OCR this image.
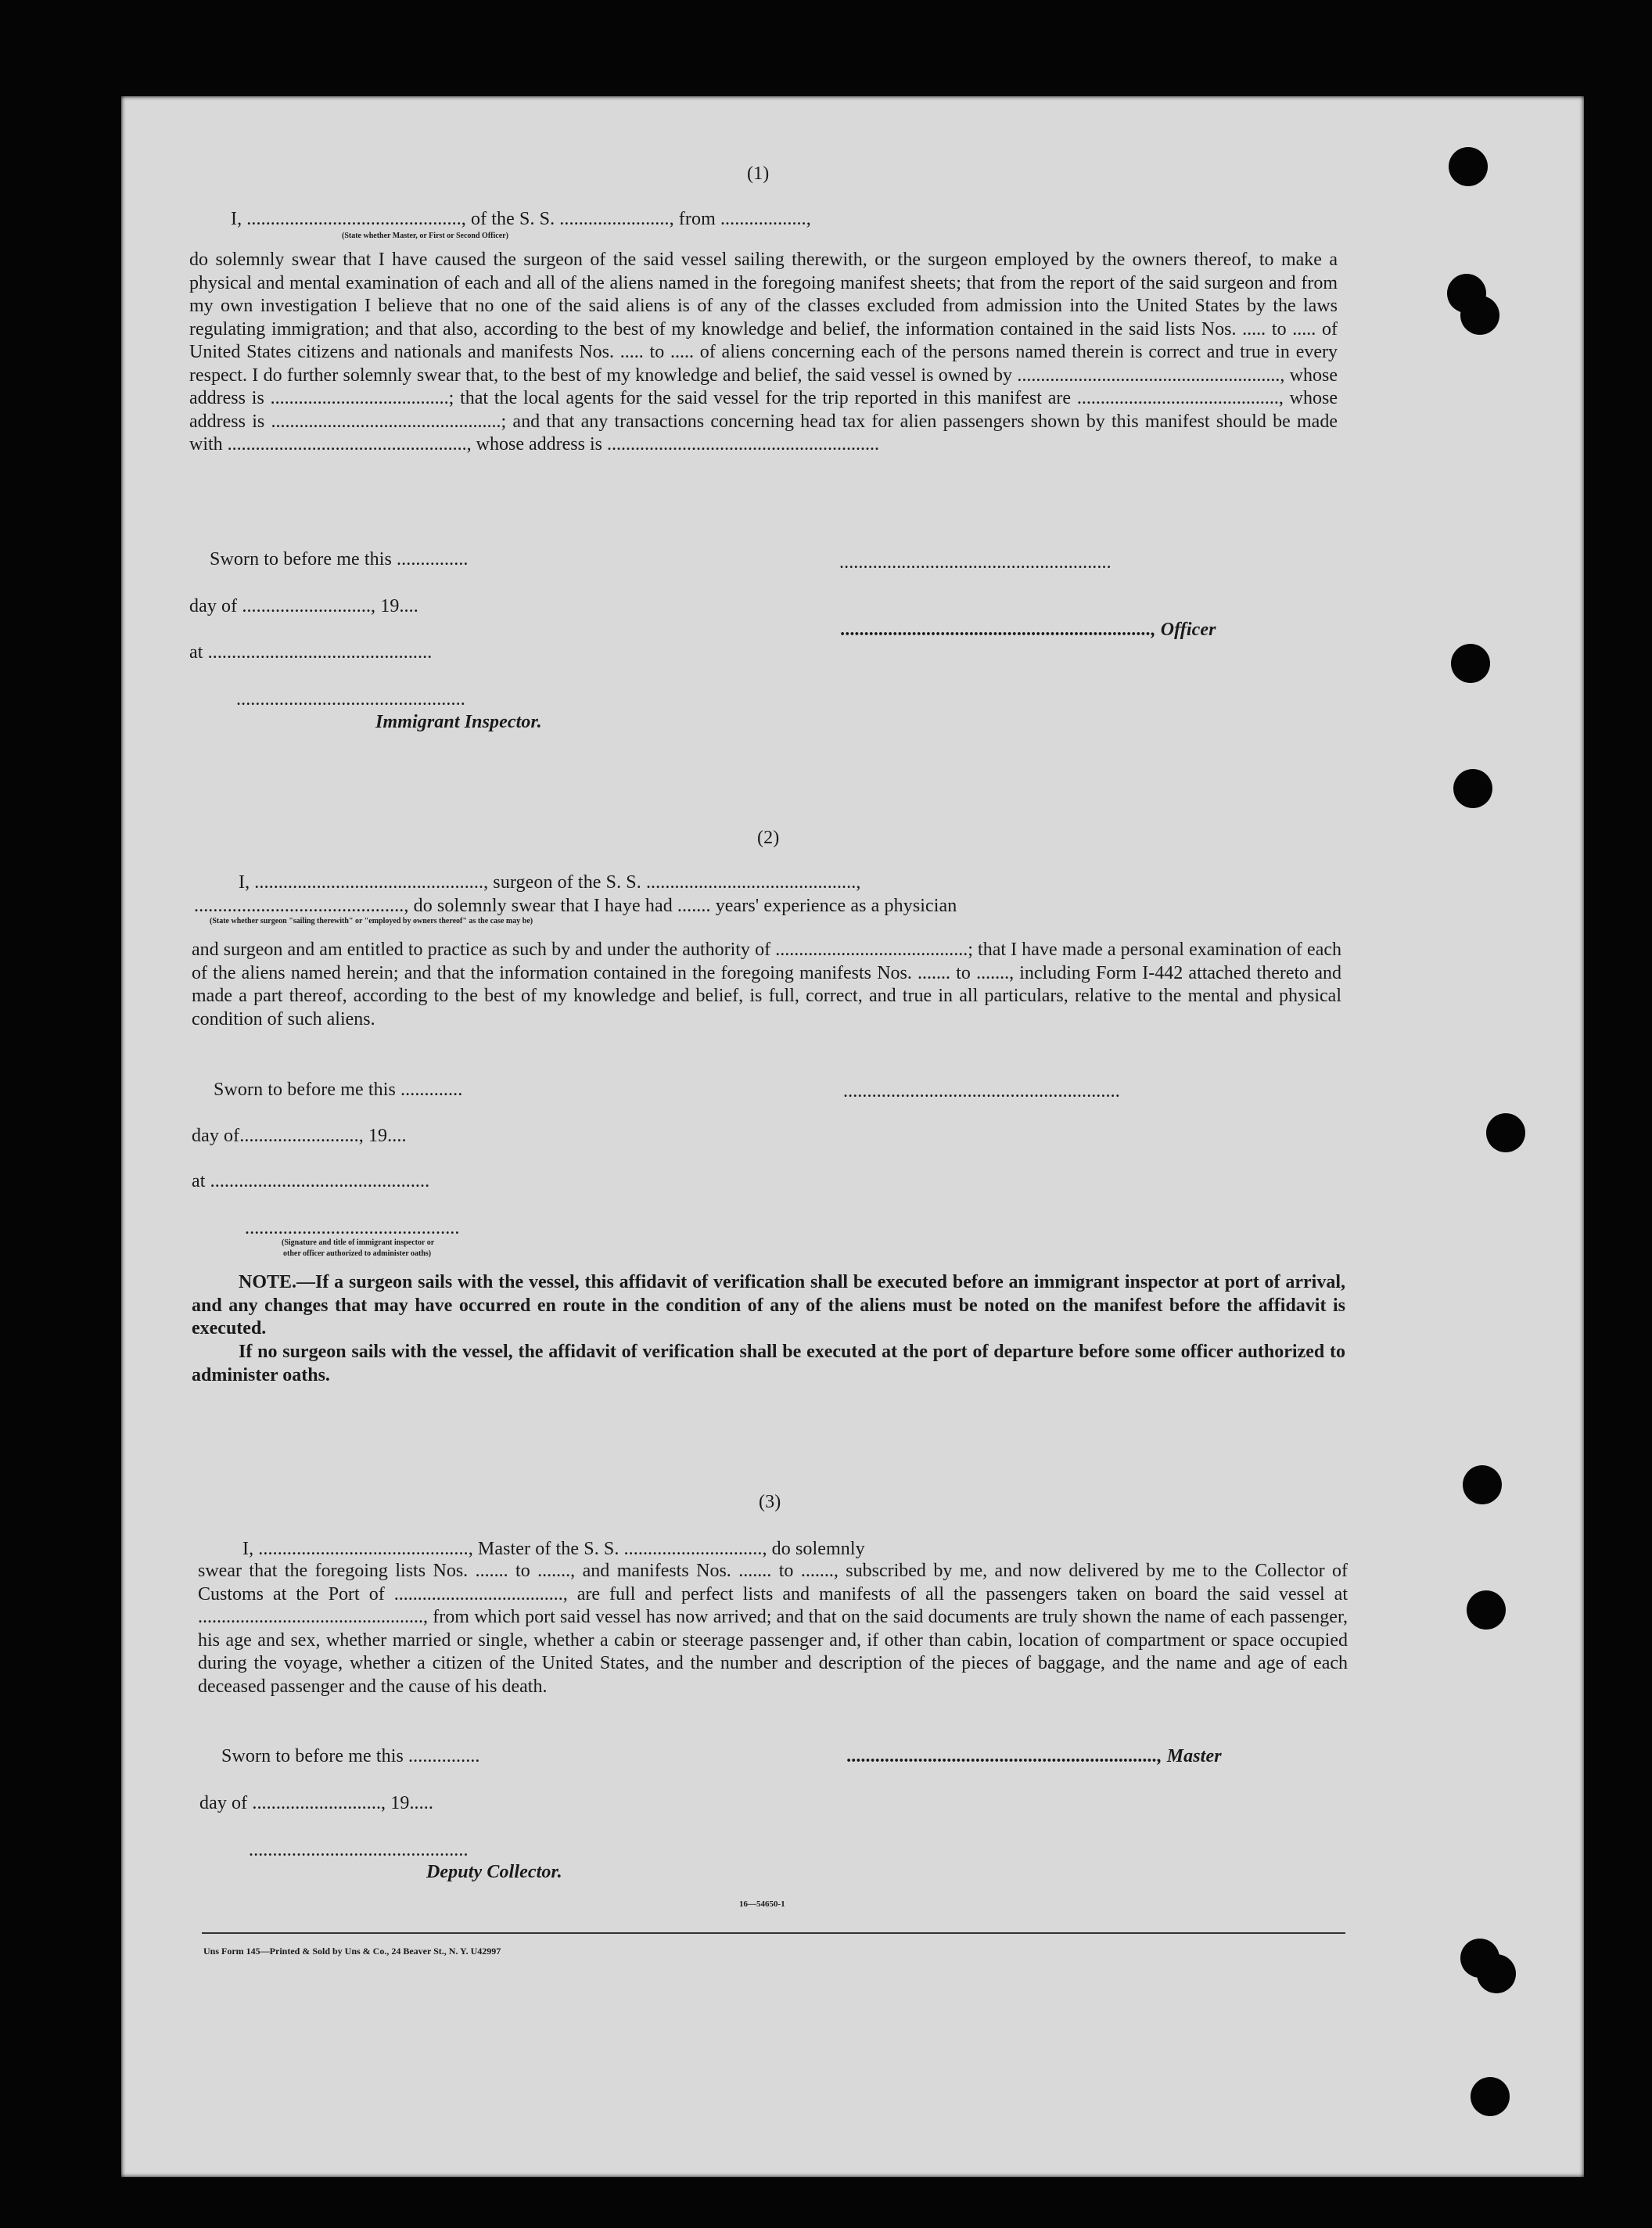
(1)
I, ............................................., of the S. S. ......................., from ..................,
(State whether Master, or First or Second Officer)
do solemnly swear that I have caused the surgeon of the said vessel sailing therewith, or the surgeon employed by the owners thereof, to make a physical and mental examination of each and all of the aliens named in the foregoing manifest sheets; that from the report of the said surgeon and from my own investigation I believe that no one of the said aliens is of any of the classes excluded from admission into the United States by the laws regulating immigration; and that also, according to the best of my knowledge and belief, the information contained in the said lists Nos. ..... to ..... of United States citizens and nationals and manifests Nos. ..... to ..... of aliens concerning each of the persons named therein is correct and true in every respect. I do further solemnly swear that, to the best of my knowledge and belief, the said vessel is owned by ........................................................, whose address is ......................................; that the local agents for the said vessel for the trip reported in this manifest are ..........................................., whose address is .................................................; and that any transactions concerning head tax for alien passengers shown by this manifest should be made with ..................................................., whose address is ..........................................................
Sworn to before me this ...............	.........................................................
day of ..........................., 19....
................................................................., Officer
at ...............................................
................................................
Immigrant Inspector.
(2)
I, ................................................, surgeon of the S. S. ............................................,
............................................, do solemnly swear that I haye had ....... years' experience as a physician
(State whether surgeon "sailing therewith" or "employed by owners thereof" as the case may be)
and surgeon and am entitled to practice as such by and under the authority of .........................................; that I have made a personal examination of each of the aliens named herein; and that the information contained in the foregoing manifests Nos. ....... to ......., including Form I-442 attached thereto and made a part thereof, according to the best of my knowledge and belief, is full, correct, and true in all particulars, relative to the mental and physical condition of such aliens.
Sworn to before me this .............	..........................................................
day of........................., 19....
at ..............................................
.............................................
(Signature and title of immigrant inspector or
other officer authorized to administer oaths)
NOTE.—If a surgeon sails with the vessel, this affidavit of verification shall be executed before an immigrant inspector at port of arrival, and any changes that may have occurred en route in the condition of any of the aliens must be noted on the manifest before the affidavit is executed.
If no surgeon sails with the vessel, the affidavit of verification shall be executed at the port of departure before some officer authorized to administer oaths.
(3)
I, ............................................, Master of the S. S. ............................., do solemnly
swear that the foregoing lists Nos. ....... to ......., and manifests Nos. ....... to ......., subscribed by me, and now delivered by me to the Collector of Customs at the Port of ...................................., are full and perfect lists and manifests of all the passengers taken on board the said vessel at ................................................, from which port said vessel has now arrived; and that on the said documents are truly shown the name of each passenger, his age and sex, whether married or single, whether a cabin or steerage passenger and, if other than cabin, location of compartment or space occupied during the voyage, whether a citizen of the United States, and the number and description of the pieces of baggage, and the name and age of each deceased passenger and the cause of his death.
Sworn to before me this ...............	................................................................., Master
day of ..........................., 19.....
..............................................
Deputy Collector.
16—54650-1
Uns Form 145—Printed & Sold by Uns & Co., 24 Beaver St., N. Y. U42997
